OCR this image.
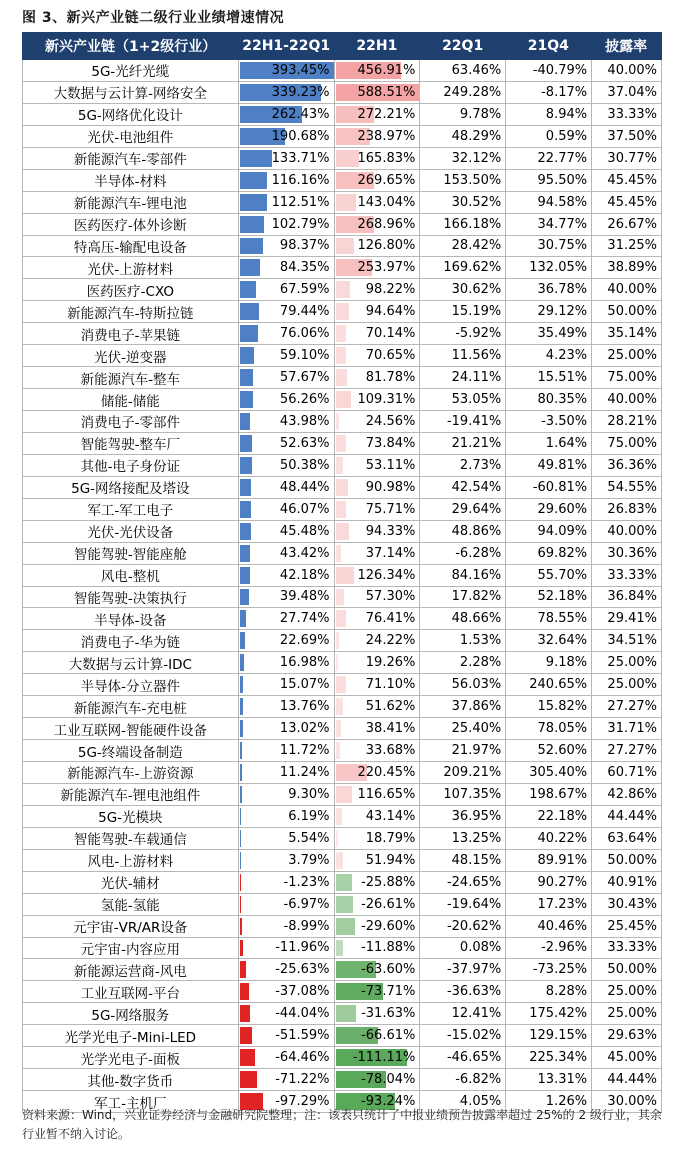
图 3、新兴产业链二级行业业绩增速情况
新兴产业链（1+2级行业）	22H1-22Q1	22H1	22Q1	21Q4	披露率
5G-光纤光缆	393.45%	456.91%	63.46%	-40.79%	40.00%
大数据与云计算-网络安全	339.23%	588.51%	249.28%	-8.17%	37.04%
5G-网络优化设计	262.43%	272.21%	9.78%	8.94%	33.33%
光伏-电池组件	190.68%	238.97%	48.29%	0.59%	37.50%
新能源汽车-零部件	133.71%	165.83%	32.12%	22.77%	30.77%
半导体-材料	116.16%	269.65%	153.50%	95.50%	45.45%
新能源汽车-锂电池	112.51%	143.04%	30.52%	94.58%	45.45%
医药医疗-体外诊断	102.79%	268.96%	166.18%	34.77%	26.67%
特高压-输配电设备	98.37%	126.80%	28.42%	30.75%	31.25%
光伏-上游材料	84.35%	253.97%	169.62%	132.05%	38.89%
医药医疗-CXO	67.59%	98.22%	30.62%	36.78%	40.00%
新能源汽车-特斯拉链	79.44%	94.64%	15.19%	29.12%	50.00%
消费电子-苹果链	76.06%	70.14%	-5.92%	35.49%	35.14%
光伏-逆变器	59.10%	70.65%	11.56%	4.23%	25.00%
新能源汽车-整车	57.67%	81.78%	24.11%	15.51%	75.00%
储能-储能	56.26%	109.31%	53.05%	80.35%	40.00%
消费电子-零部件	43.98%	24.56%	-19.41%	-3.50%	28.21%
智能驾驶-整车厂	52.63%	73.84%	21.21%	1.64%	75.00%
其他-电子身份证	50.38%	53.11%	2.73%	49.81%	36.36%
5G-网络接配及塔设	48.44%	90.98%	42.54%	-60.81%	54.55%
军工-军工电子	46.07%	75.71%	29.64%	29.60%	26.83%
光伏-光伏设备	45.48%	94.33%	48.86%	94.09%	40.00%
智能驾驶-智能座舱	43.42%	37.14%	-6.28%	69.82%	30.36%
风电-整机	42.18%	126.34%	84.16%	55.70%	33.33%
智能驾驶-决策执行	39.48%	57.30%	17.82%	52.18%	36.84%
半导体-设备	27.74%	76.41%	48.66%	78.55%	29.41%
消费电子-华为链	22.69%	24.22%	1.53%	32.64%	34.51%
大数据与云计算-IDC	16.98%	19.26%	2.28%	9.18%	25.00%
半导体-分立器件	15.07%	71.10%	56.03%	240.65%	25.00%
新能源汽车-充电桩	13.76%	51.62%	37.86%	15.82%	27.27%
工业互联网-智能硬件设备	13.02%	38.41%	25.40%	78.05%	31.71%
5G-终端设备制造	11.72%	33.68%	21.97%	52.60%	27.27%
新能源汽车-上游资源	11.24%	220.45%	209.21%	305.40%	60.71%
新能源汽车-锂电池组件	9.30%	116.65%	107.35%	198.67%	42.86%
5G-光模块	6.19%	43.14%	36.95%	22.18%	44.44%
智能驾驶-车载通信	5.54%	18.79%	13.25%	40.22%	63.64%
风电-上游材料	3.79%	51.94%	48.15%	89.91%	50.00%
光伏-辅材	-1.23%	-25.88%	-24.65%	90.27%	40.91%
氢能-氢能	-6.97%	-26.61%	-19.64%	17.23%	30.43%
元宇宙-VR/AR设备	-8.99%	-29.60%	-20.62%	40.46%	25.45%
元宇宙-内容应用	-11.96%	-11.88%	0.08%	-2.96%	33.33%
新能源运营商-风电	-25.63%	-63.60%	-37.97%	-73.25%	50.00%
工业互联网-平台	-37.08%	-73.71%	-36.63%	8.28%	25.00%
5G-网络服务	-44.04%	-31.63%	12.41%	175.42%	25.00%
光学光电子-Mini-LED	-51.59%	-66.61%	-15.02%	129.15%	29.63%
光学光电子-面板	-64.46%	-111.11%	-46.65%	225.34%	45.00%
其他-数字货币	-71.22%	-78.04%	-6.82%	13.31%	44.44%
军工-主机厂	-97.29%	-93.24%	4.05%	1.26%	30.00%
资料来源：Wind，兴业证券经济与金融研究院整理；注：该表只统计了中报业绩预告披露率超过 25%的 2 级行业，其余行业暂不纳入讨论。
